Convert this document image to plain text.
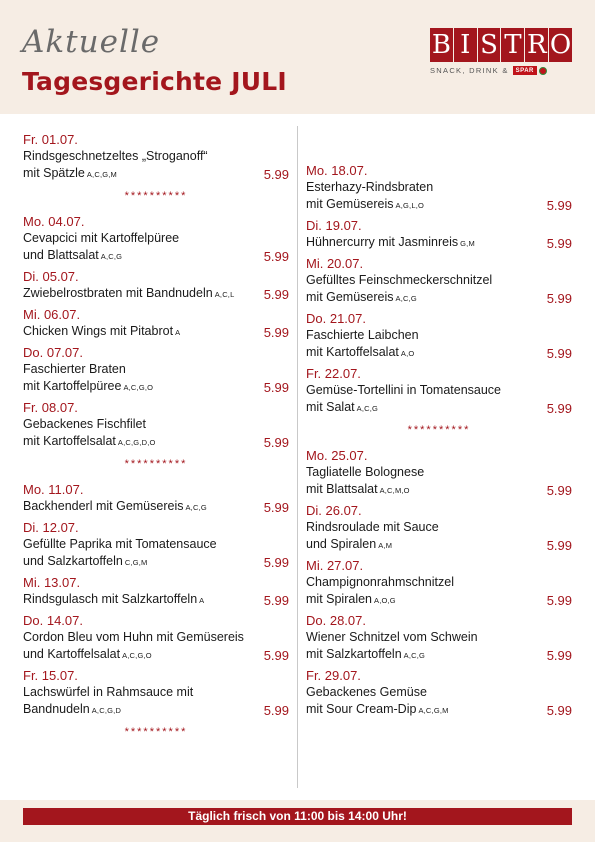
Aktuelle
Tagesgerichte JULI
B I S T R O
SNACK, DRINK &	SPAR
Fr. 01.07.
Rindsgeschnetzeltes „Stroganoff“
mit Spätzle A,C,G,M	5.99
**********
Mo. 04.07.
Cevapcici mit Kartoffelpüree
und Blattsalat A,C,G	5.99
Di. 05.07.
Zwiebelrostbraten mit Bandnudeln A,C,L 5.99
Mi. 06.07.
Chicken Wings mit Pitabrot A	5.99
Do. 07.07.
Faschierter Braten
mit Kartoffelpüree A,C,G,O	5.99
Fr. 08.07.
Gebackenes Fischfilet
mit Kartoffelsalat A,C,G,D,O	5.99
**********
Mo. 11.07.
Backhenderl mit Gemüsereis A,C,G	5.99
Di. 12.07.
Gefüllte Paprika mit Tomatensauce
und Salzkartoffeln C,G,M	5.99
Mi. 13.07.
Rindsgulasch mit Salzkartoffeln A	5.99
Do. 14.07.
Cordon Bleu vom Huhn mit Gemüsereis
und Kartoffelsalat A,C,G,O	5.99
Fr. 15.07.
Lachswürfel in Rahmsauce mit
Bandnudeln A,C,G,D	5.99
**********
Mo. 18.07.
Esterhazy-Rindsbraten
mit Gemüsereis A,G,L,O	5.99
Di. 19.07.
Hühnercurry mit Jasminreis G,M	5.99
Mi. 20.07.
Gefülltes Feinschmeckerschnitzel
mit Gemüsereis A,C,G	5.99
Do. 21.07.
Faschierte Laibchen
mit Kartoffelsalat A,O	5.99
Fr. 22.07.
Gemüse-Tortellini in Tomatensauce
mit Salat A,C,G	5.99
**********
Mo. 25.07.
Tagliatelle Bolognese
mit Blattsalat A,C,M,O	5.99
Di. 26.07.
Rindsroulade mit Sauce
und Spiralen A,M	5.99
Mi. 27.07.
Champignonrahmschnitzel
mit Spiralen A,O,G	5.99
Do. 28.07.
Wiener Schnitzel vom Schwein
mit Salzkartoffeln A,C,G	5.99
Fr. 29.07.
Gebackenes Gemüse
mit Sour Cream-Dip A,C,G,M	5.99
Täglich frisch von 11:00 bis 14:00 Uhr!
